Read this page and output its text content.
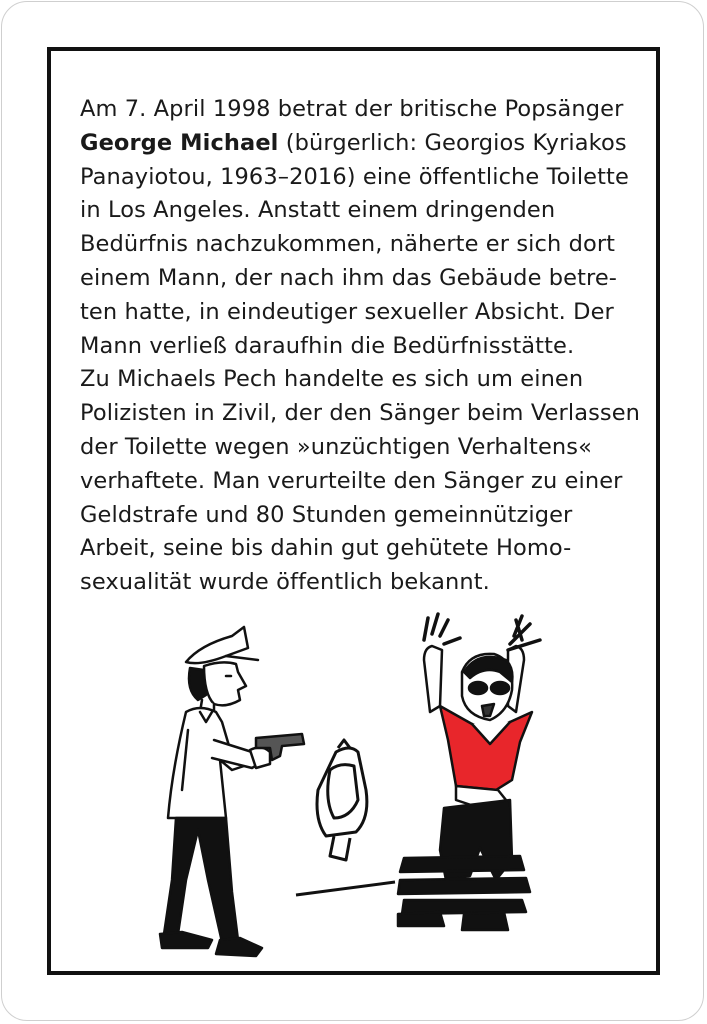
Am 7. April 1998 betrat der britische Popsänger
George Michael (bürgerlich: Georgios Kyriakos
Panayiotou, 1963–2016) eine öffentliche Toilette
in Los Angeles. Anstatt einem dringenden
Bedürfnis nachzukommen, näherte er sich dort
einem Mann, der nach ihm das Gebäude betre-
ten hatte, in eindeutiger sexueller Absicht. Der
Mann verließ daraufhin die Bedürfnisstätte.
Zu Michaels Pech handelte es sich um einen
Polizisten in Zivil, der den Sänger beim Verlassen
der Toilette wegen »unzüchtigen Verhaltens«
verhaftete. Man verurteilte den Sänger zu einer
Geldstrafe und 80 Stunden gemeinnütziger
Arbeit, seine bis dahin gut gehütete Homo-
sexualität wurde öffentlich bekannt.
